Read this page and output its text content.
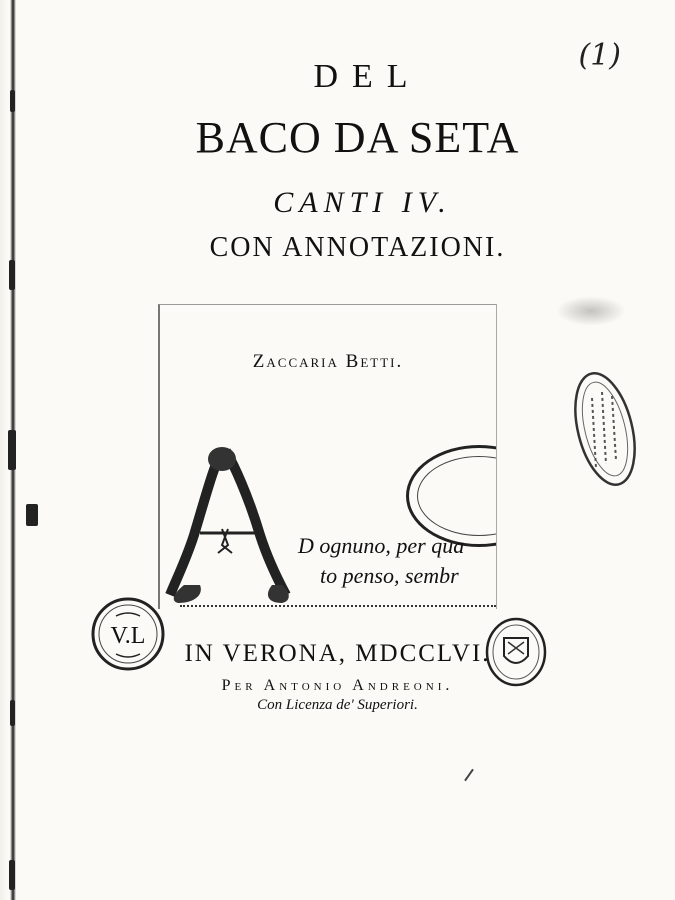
(1)
DEL
BACO DA SETA
CANTI IV.
CON ANNOTAZIONI.
Zaccaria Betti.
D ognuno, per qua
to penso, sembr
V.L
IN VERONA, MDCCLVI.
Per Antonio Andreoni.
Con Licenza de' Superiori.
